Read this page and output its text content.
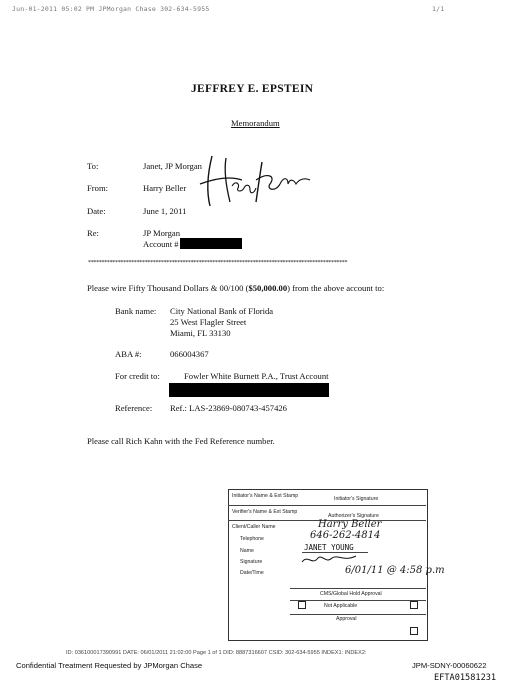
Jun-01-2011 05:02 PM JPMorgan Chase 302-634-5955	1/1
JEFFREY E. EPSTEIN
Memorandum
To:	Janet, JP Morgan
From:	Harry Beller
Date:	June 1, 2011
Re:	JP Morgan
Account #
************************************************************************************************
Please wire Fifty Thousand Dollars & 00/100 ($50,000.00) from the above account to:
Bank name: City National Bank of Florida
25 West Flagler Street
Miami, FL 33130
ABA #:	066004367
For credit to:	Fowler White Burnett P.A., Trust Account
Reference: Ref.: LAS-23869-080743-457426
Please call Rich Kahn with the Fed Reference number.
Initiator's Name & Ext Stamp	Initiator's Signature
Verifier's Name & Ext Stamp
Authorizer's Signature
Client/Caller Name	Harry Beller
Telephone	646-262-4814
Name	JANET YOUNG
Signature
Date/Time	6/01/11 @ 4:58 p.m
CMS/Global Hold Approval
Not Applicable
Approval
ID: 036100017390991 DATE: 06/01/2011 21:02:00 Page 1 of 1 DID: 8887316607 CSID: 302-634-5955 INDEX1: INDEX2:
Confidential Treatment Requested by JPMorgan Chase	JPM-SDNY-00060622
EFTA01581231
